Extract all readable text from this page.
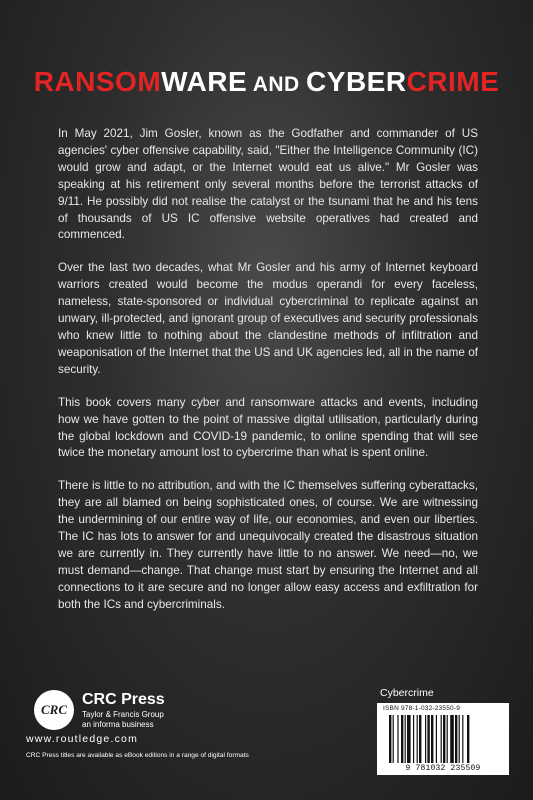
RANSOMWARE AND CYBERCRIME

In May 2021, Jim Gosler, known as the Godfather and commander of US agencies' cyber offensive capability, said, "Either the Intelligence Community (IC) would grow and adapt, or the Internet would eat us alive." Mr Gosler was speaking at his retirement only several months before the terrorist attacks of 9/11. He possibly did not realise the catalyst or the tsunami that he and his tens of thousands of US IC offensive website operatives had created and commenced.

Over the last two decades, what Mr Gosler and his army of Internet keyboard warriors created would become the modus operandi for every faceless, nameless, state-sponsored or individual cybercriminal to replicate against an unwary, ill-protected, and ignorant group of executives and security professionals who knew little to nothing about the clandestine methods of infiltration and weaponisation of the Internet that the US and UK agencies led, all in the name of security.

This book covers many cyber and ransomware attacks and events, including how we have gotten to the point of massive digital utilisation, particularly during the global lockdown and COVID-19 pandemic, to online spending that will see twice the monetary amount lost to cybercrime than what is spent online.

There is little to no attribution, and with the IC themselves suffering cyberattacks, they are all blamed on being sophisticated ones, of course. We are witnessing the undermining of our entire way of life, our economies, and even our liberties. The IC has lots to answer for and unequivocally created the disastrous situation we are currently in. They currently have little to no answer. We need—no, we must demand—change. That change must start by ensuring the Internet and all connections to it are secure and no longer allow easy access and exfiltration for both the ICs and cybercriminals.

CRC
CRC Press
Taylor & Francis Group
an informa business
www.routledge.com
CRC Press titles are available as eBook editions in a range of digital formats
Cybercrime
ISBN 978-1-032-23550-9
9 781032 235509
